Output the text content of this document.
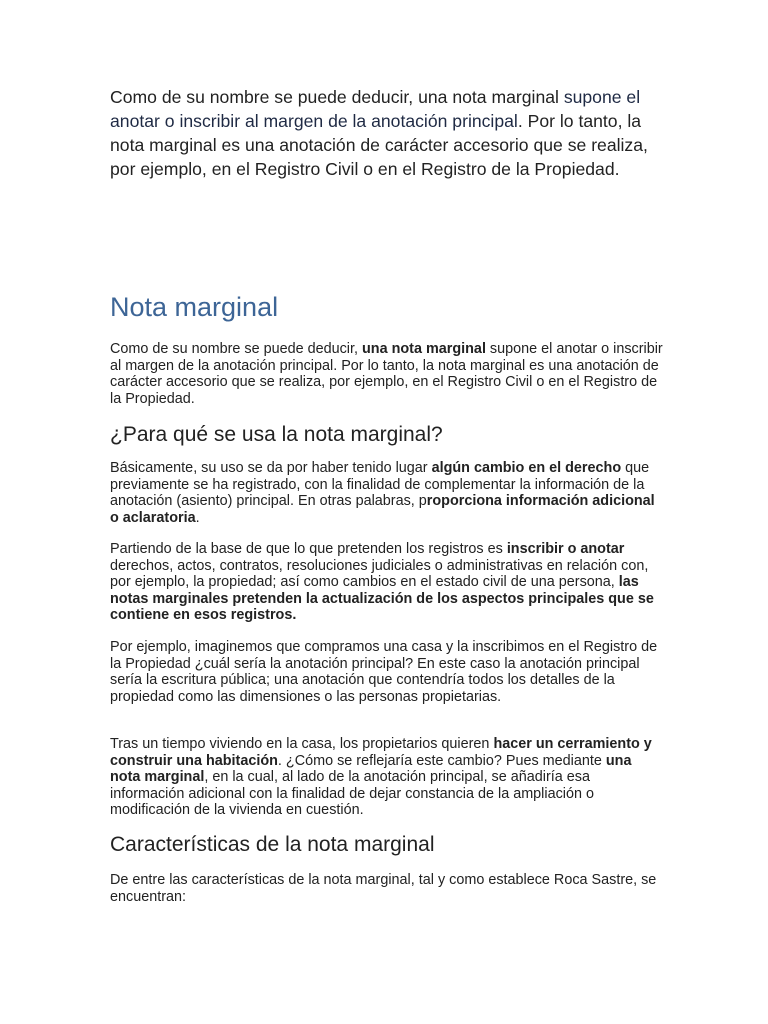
Como de su nombre se puede deducir, una nota marginal supone el anotar o inscribir al margen de la anotación principal. Por lo tanto, la nota marginal es una anotación de carácter accesorio que se realiza, por ejemplo, en el Registro Civil o en el Registro de la Propiedad.

Nota marginal

Como de su nombre se puede deducir, una nota marginal supone el anotar o inscribir al margen de la anotación principal. Por lo tanto, la nota marginal es una anotación de carácter accesorio que se realiza, por ejemplo, en el Registro Civil o en el Registro de la Propiedad.

¿Para qué se usa la nota marginal?

Básicamente, su uso se da por haber tenido lugar algún cambio en el derecho que previamente se ha registrado, con la finalidad de complementar la información de la anotación (asiento) principal. En otras palabras, proporciona información adicional o aclaratoria.

Partiendo de la base de que lo que pretenden los registros es inscribir o anotar derechos, actos, contratos, resoluciones judiciales o administrativas en relación con, por ejemplo, la propiedad; así como cambios en el estado civil de una persona, las notas marginales pretenden la actualización de los aspectos principales que se contiene en esos registros.

Por ejemplo, imaginemos que compramos una casa y la inscribimos en el Registro de la Propiedad ¿cuál sería la anotación principal? En este caso la anotación principal sería la escritura pública; una anotación que contendría todos los detalles de la propiedad como las dimensiones o las personas propietarias.

Tras un tiempo viviendo en la casa, los propietarios quieren hacer un cerramiento y construir una habitación. ¿Cómo se reflejaría este cambio? Pues mediante una nota marginal, en la cual, al lado de la anotación principal, se añadiría esa información adicional con la finalidad de dejar constancia de la ampliación o modificación de la vivienda en cuestión.

Características de la nota marginal

De entre las características de la nota marginal, tal y como establece Roca Sastre, se encuentran:
